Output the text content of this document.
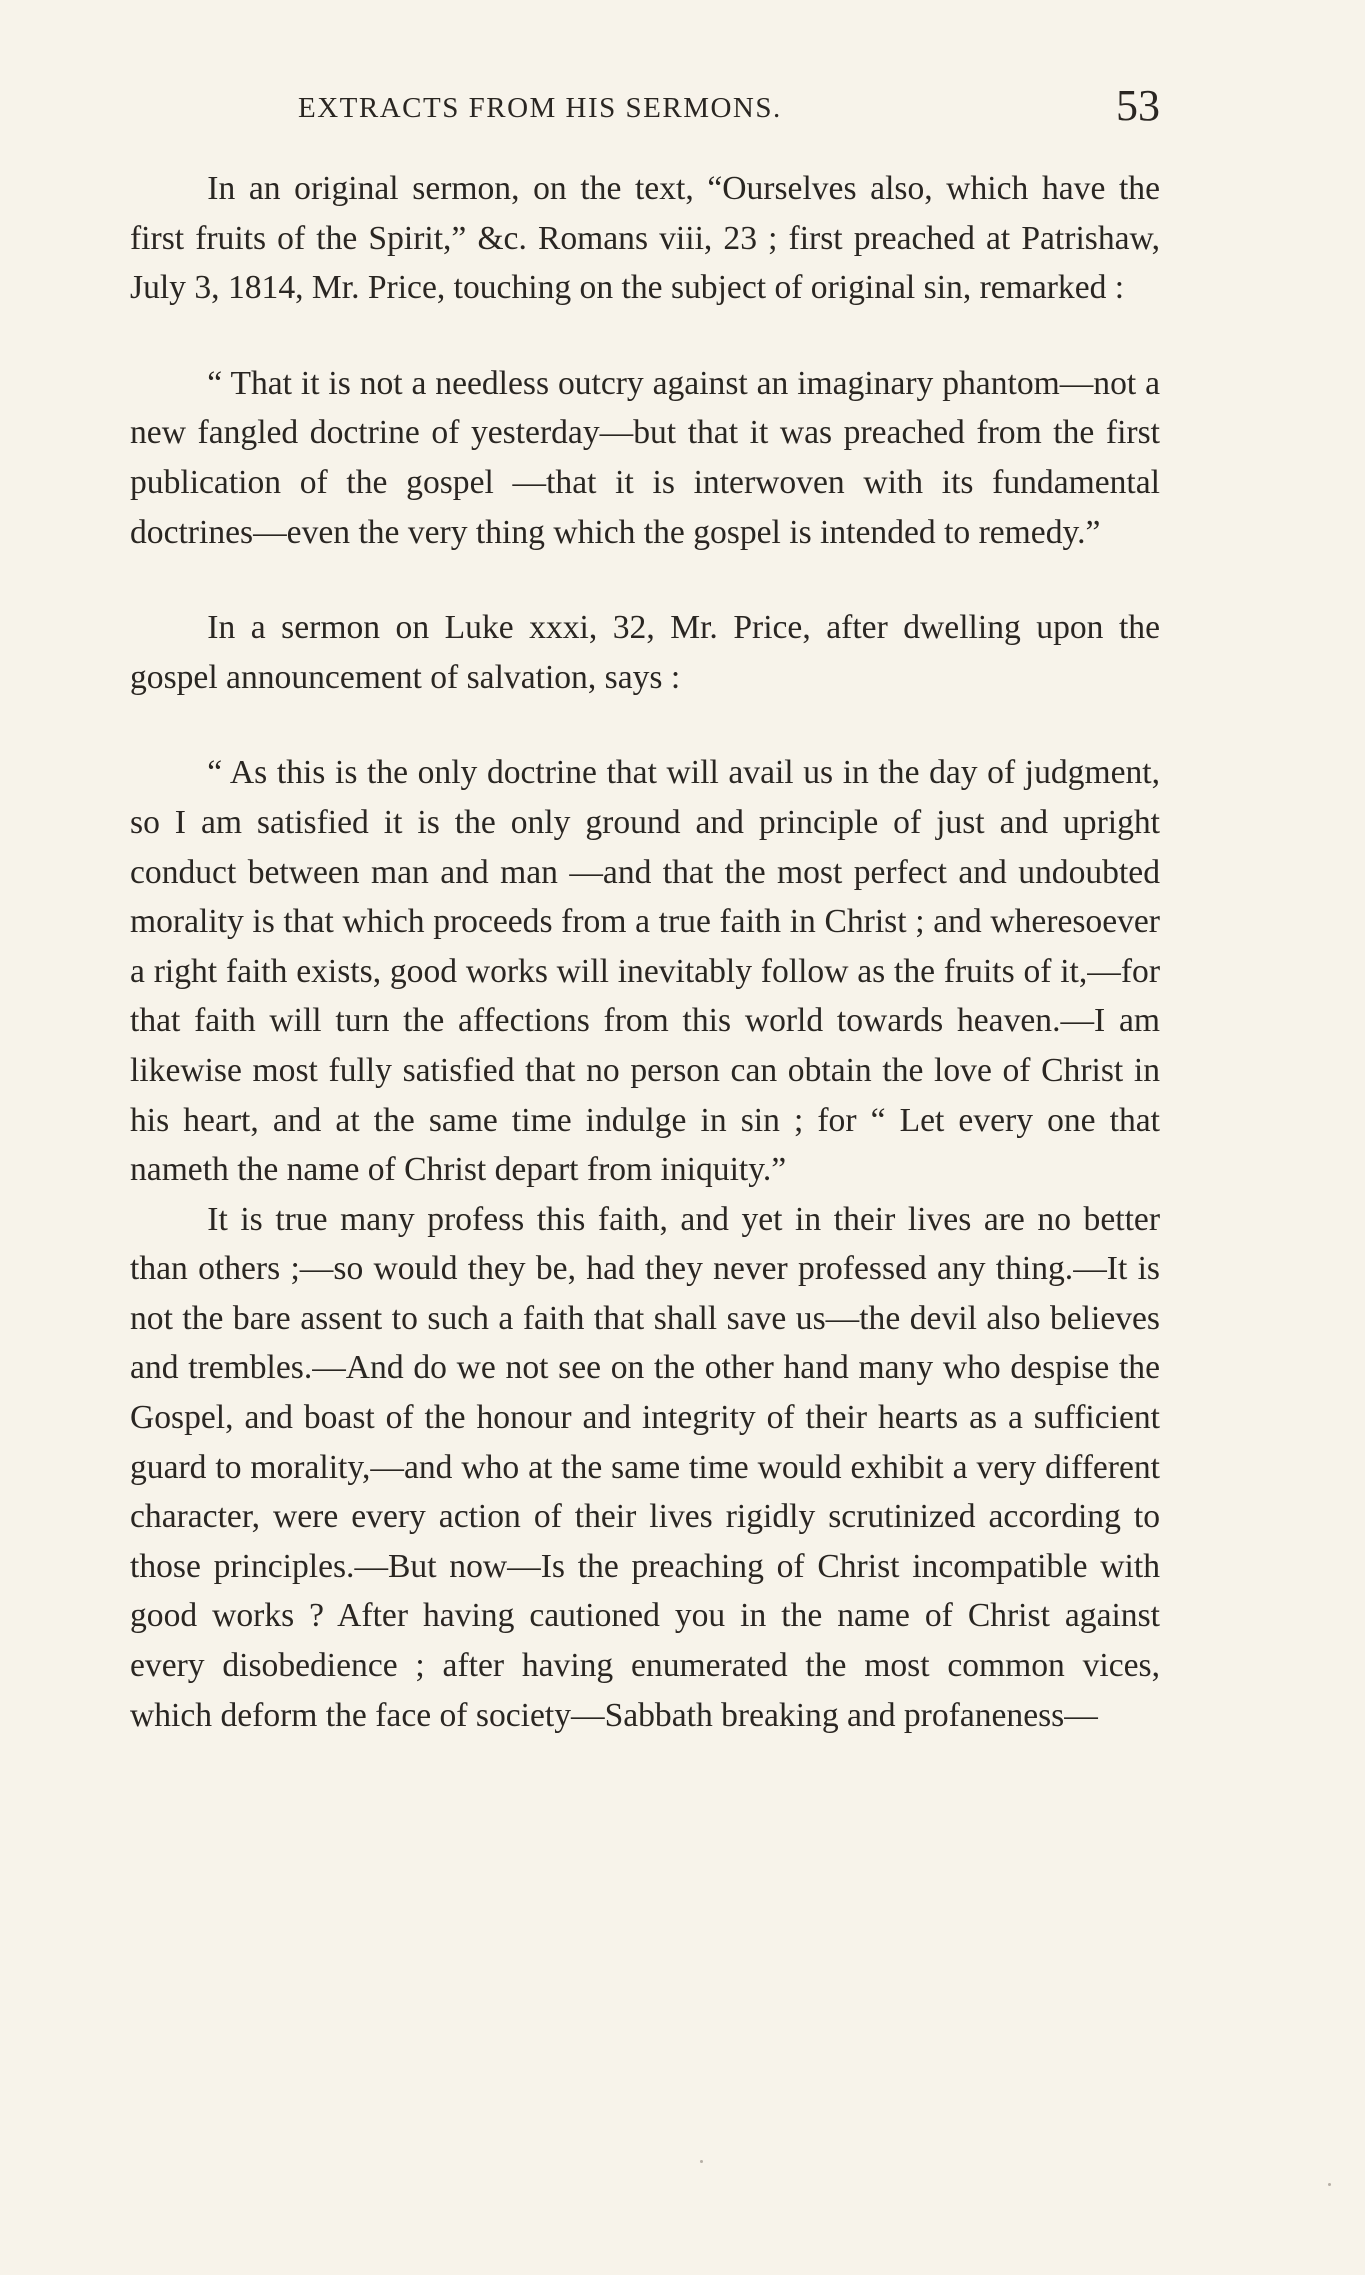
EXTRACTS FROM HIS SERMONS.	53

In an original sermon, on the text, “Ourselves also, which have the first fruits of the Spirit,” &c. Romans viii, 23 ; first preached at Patrishaw, July 3, 1814, Mr. Price, touching on the subject of original sin, remarked :

“ That it is not a needless outcry against an imaginary phantom—not a new fangled doctrine of yesterday—but that it was preached from the first publication of the gospel —that it is interwoven with its fundamental doctrines—even the very thing which the gospel is intended to remedy.”

In a sermon on Luke xxxi, 32, Mr. Price, after dwelling upon the gospel announcement of salvation, says :

“ As this is the only doctrine that will avail us in the day of judgment, so I am satisfied it is the only ground and principle of just and upright conduct between man and man —and that the most perfect and undoubted morality is that which proceeds from a true faith in Christ ; and wheresoever a right faith exists, good works will inevitably follow as the fruits of it,—for that faith will turn the affections from this world towards heaven.—I am likewise most fully satisfied that no person can obtain the love of Christ in his heart, and at the same time indulge in sin ; for “ Let every one that nameth the name of Christ depart from iniquity.”

It is true many profess this faith, and yet in their lives are no better than others ;—so would they be, had they never professed any thing.—It is not the bare assent to such a faith that shall save us—the devil also believes and trembles.—And do we not see on the other hand many who despise the Gospel, and boast of the honour and integrity of their hearts as a sufficient guard to morality,—and who at the same time would exhibit a very different character, were every action of their lives rigidly scrutinized according to those principles.—But now—Is the preaching of Christ incompatible with good works ? After having cautioned you in the name of Christ against every disobedience ; after having enumerated the most common vices, which deform the face of society—Sabbath breaking and profaneness—
